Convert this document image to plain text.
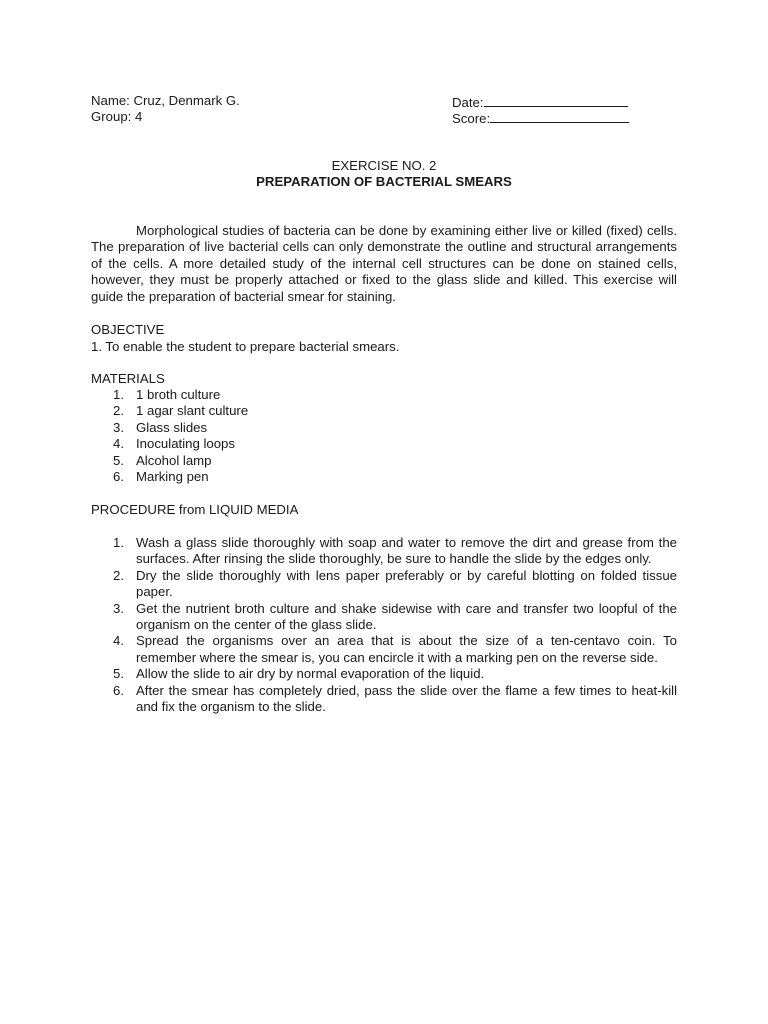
Name: Cruz, Denmark G.	Date:
Group: 4	Score:
EXERCISE NO. 2
PREPARATION OF BACTERIAL SMEARS

Morphological studies of bacteria can be done by examining either live or killed (fixed) cells. The preparation of live bacterial cells can only demonstrate the outline and structural arrangements of the cells. A more detailed study of the internal cell structures can be done on stained cells, however, they must be properly attached or fixed to the glass slide and killed. This exercise will guide the preparation of bacterial smear for staining.

OBJECTIVE
1. To enable the student to prepare bacterial smears.
MATERIALS
1. 1 broth culture
2. 1 agar slant culture
3. Glass slides
4. Inoculating loops
5. Alcohol lamp
6. Marking pen
PROCEDURE from LIQUID MEDIA
1. Wash a glass slide thoroughly with soap and water to remove the dirt and grease from the surfaces. After rinsing the slide thoroughly, be sure to handle the slide by the edges only.
2. Dry the slide thoroughly with lens paper preferably or by careful blotting on folded tissue paper.
3. Get the nutrient broth culture and shake sidewise with care and transfer two loopful of the organism on the center of the glass slide.
4. Spread the organisms over an area that is about the size of a ten-centavo coin. To remember where the smear is, you can encircle it with a marking pen on the reverse side.
5. Allow the slide to air dry by normal evaporation of the liquid.
6. After the smear has completely dried, pass the slide over the flame a few times to heat-kill and fix the organism to the slide.
